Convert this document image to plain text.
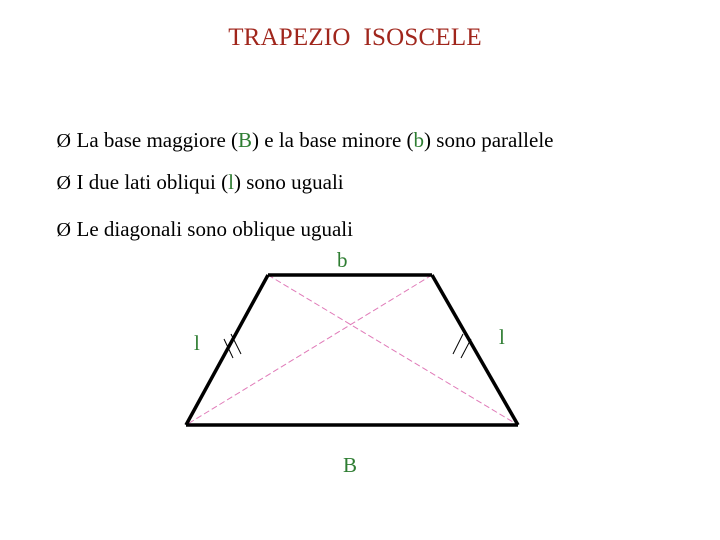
TRAPEZIO  ISOSCELE

Ø La base maggiore (B) e la base minore (b) sono parallele

Ø I due lati obliqui (l) sono uguali

Ø Le diagonali sono oblique uguali

b
B
l	l
